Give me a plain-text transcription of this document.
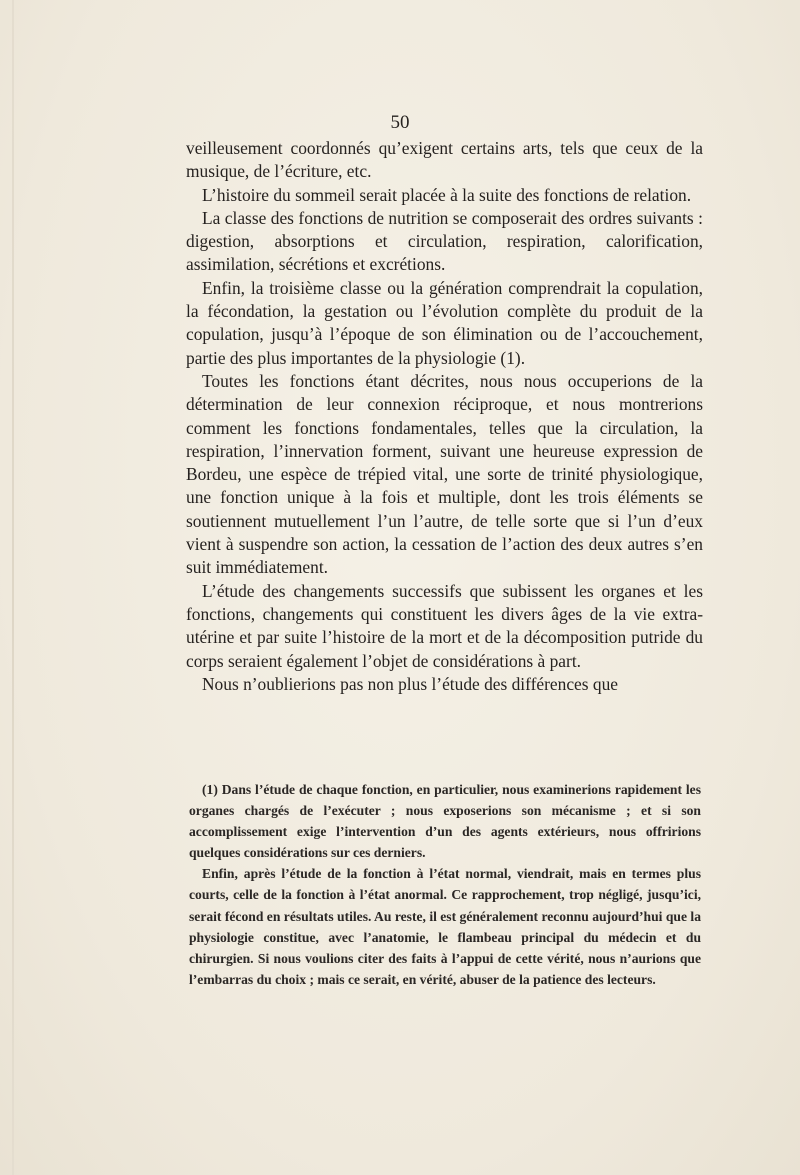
50

veilleusement coordonnés qu’exigent certains arts, tels que ceux de la musique, de l’écriture, etc.

L’histoire du sommeil serait placée à la suite des fonctions de relation.

La classe des fonctions de nutrition se composerait des ordres suivants : digestion, absorptions et circulation, respiration, calorification, assimilation, sécrétions et excrétions.

Enfin, la troisième classe ou la génération comprendrait la copulation, la fécondation, la gestation ou l’évolution complète du produit de la copulation, jusqu’à l’époque de son élimination ou de l’accouchement, partie des plus importantes de la physiologie (1).

Toutes les fonctions étant décrites, nous nous occuperions de la détermination de leur connexion réciproque, et nous montrerions comment les fonctions fondamentales, telles que la circulation, la respiration, l’innervation forment, suivant une heureuse expression de Bordeu, une espèce de trépied vital, une sorte de trinité physiologique, une fonction unique à la fois et multiple, dont les trois éléments se soutiennent mutuellement l’un l’autre, de telle sorte que si l’un d’eux vient à suspendre son action, la cessation de l’action des deux autres s’en suit immédiatement.

L’étude des changements successifs que subissent les organes et les fonctions, changements qui constituent les divers âges de la vie extra-utérine et par suite l’histoire de la mort et de la décomposition putride du corps seraient également l’objet de considérations à part.

Nous n’oublierions pas non plus l’étude des différences que

(1) Dans l’étude de chaque fonction, en particulier, nous examinerions rapidement les organes chargés de l’exécuter ; nous exposerions son mécanisme ; et si son accomplissement exige l’intervention d’un des agents extérieurs, nous offririons quelques considérations sur ces derniers.

Enfin, après l’étude de la fonction à l’état normal, viendrait, mais en termes plus courts, celle de la fonction à l’état anormal. Ce rapprochement, trop négligé, jusqu’ici, serait fécond en résultats utiles. Au reste, il est généralement reconnu aujourd’hui que la physiologie constitue, avec l’anatomie, le flambeau principal du médecin et du chirurgien. Si nous voulions citer des faits à l’appui de cette vérité, nous n’aurions que l’embarras du choix ; mais ce serait, en vérité, abuser de la patience des lecteurs.
